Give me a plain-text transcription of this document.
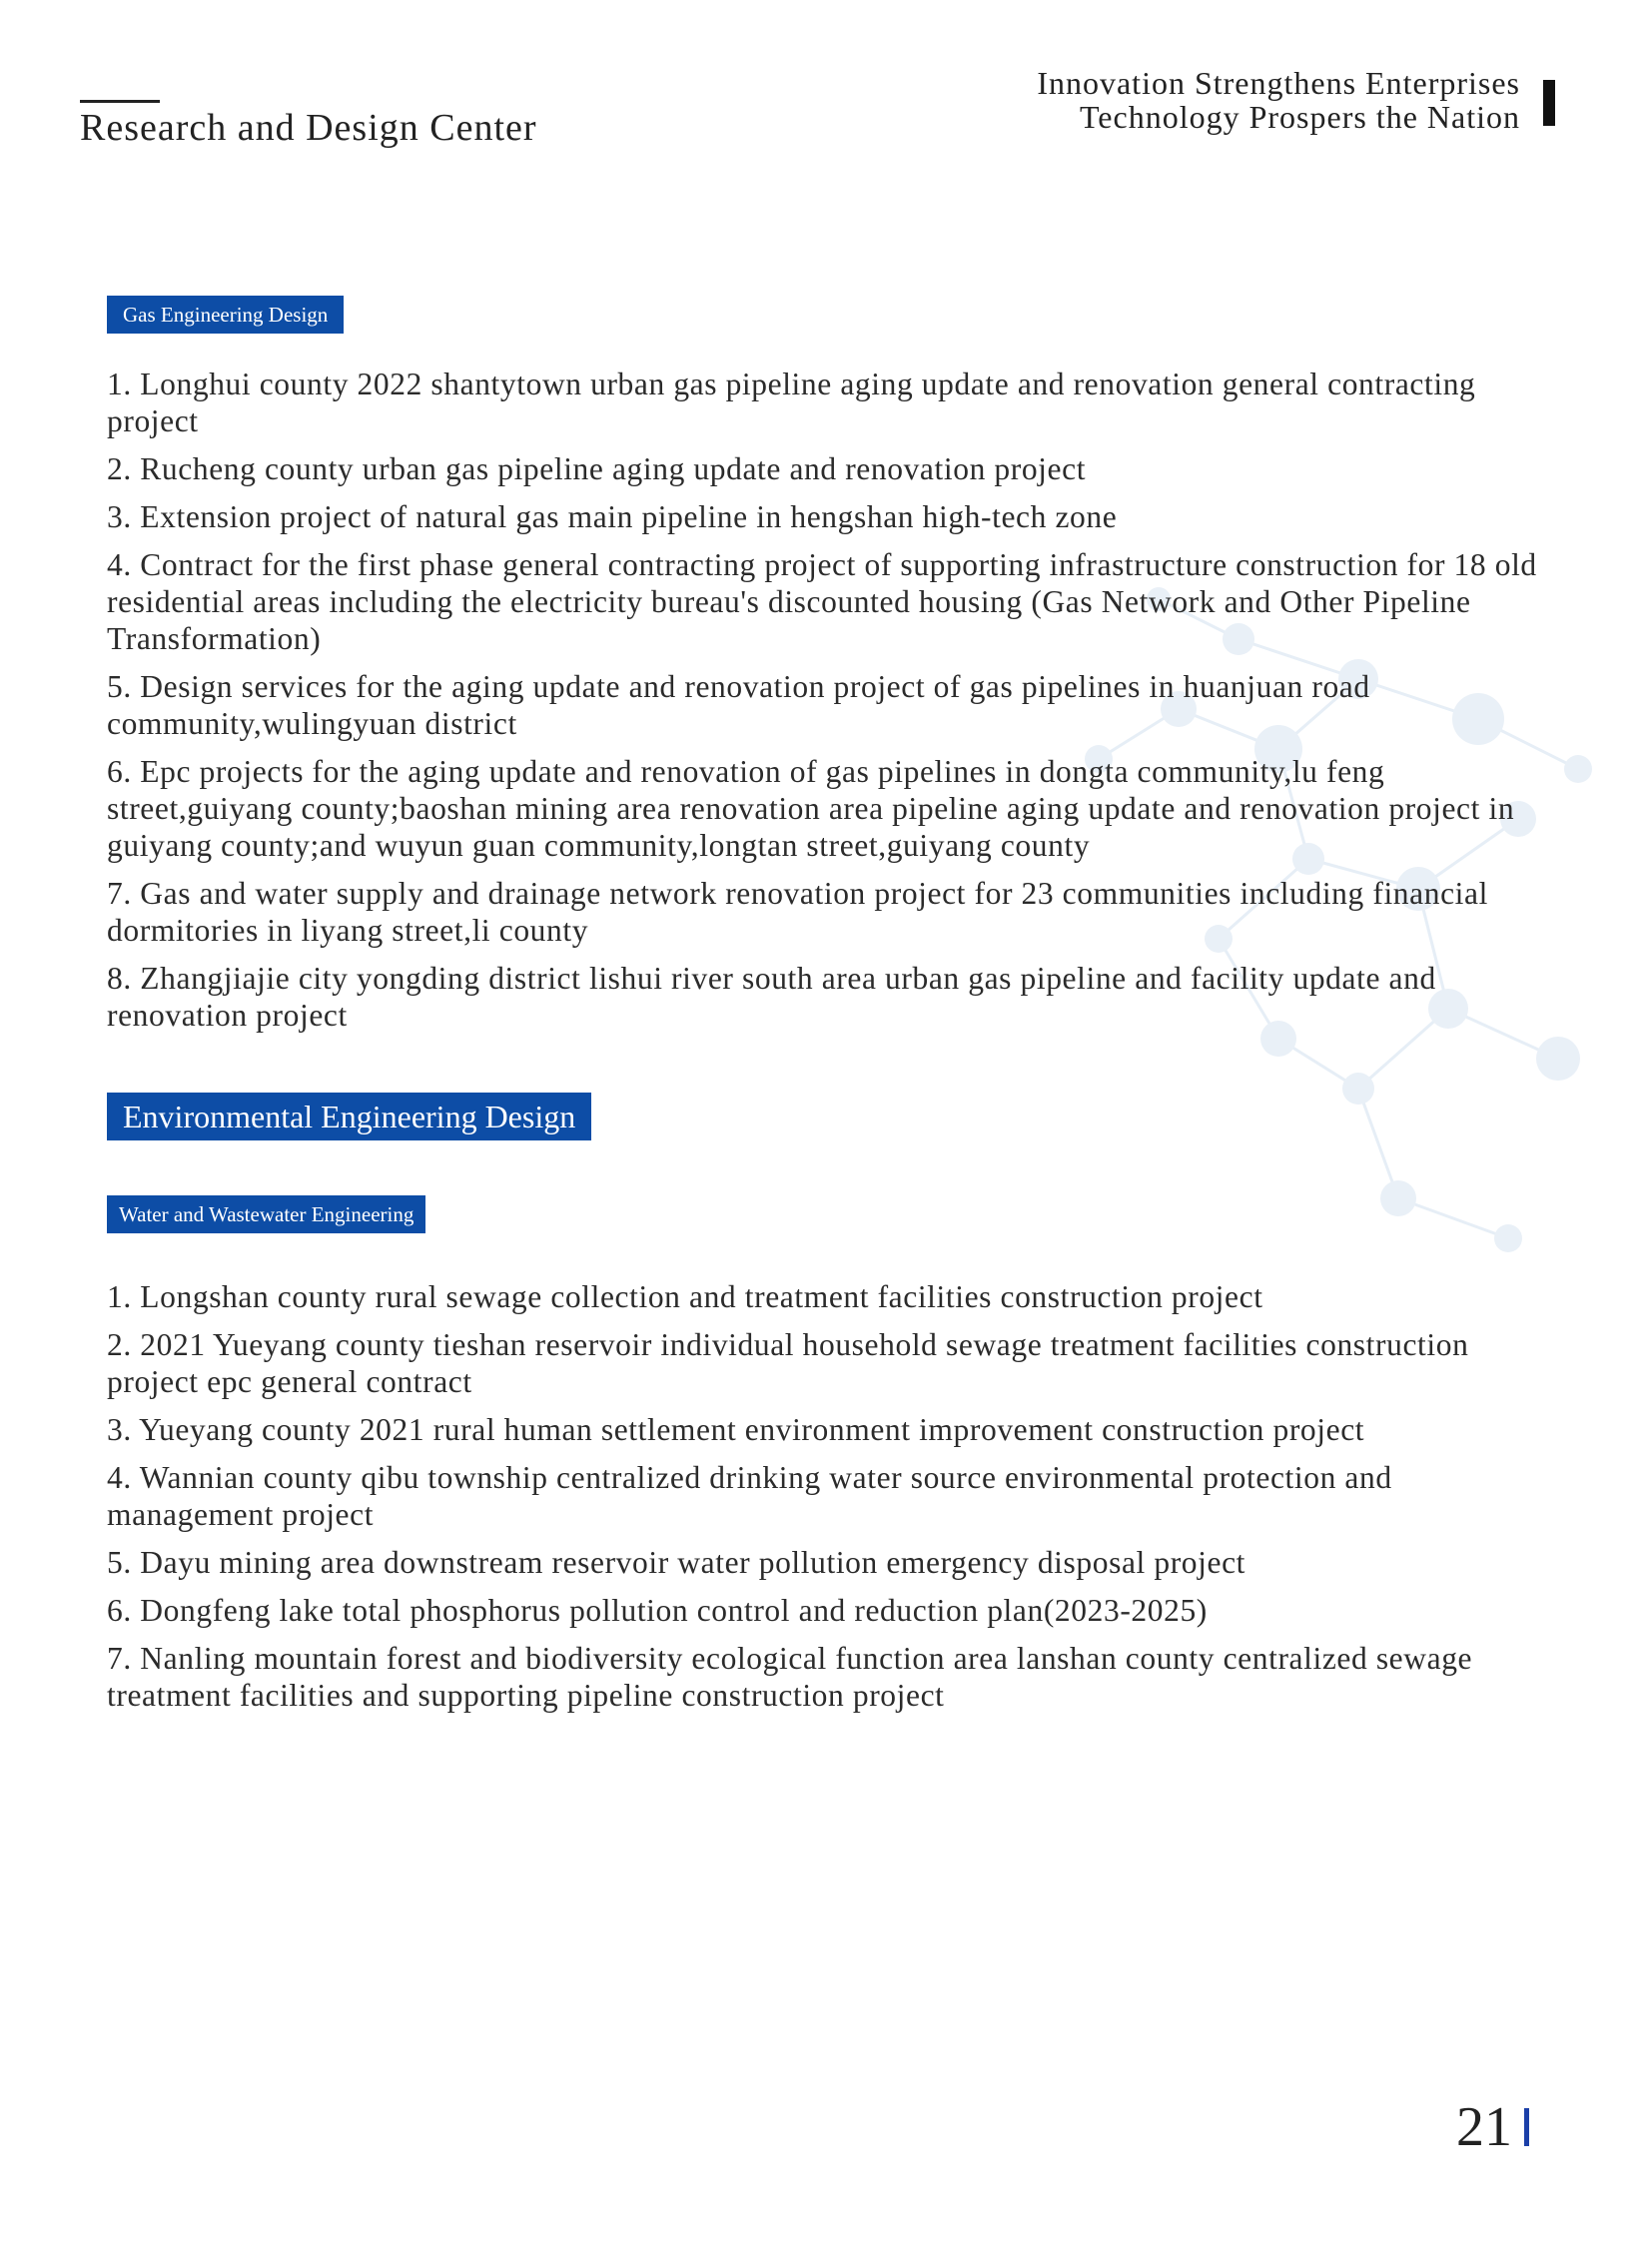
Research and Design Center
Innovation Strengthens Enterprises
Technology Prospers the Nation
Gas Engineering Design
1. Longhui county 2022 shantytown urban gas pipeline aging update and renovation general contracting project
2. Rucheng county urban gas pipeline aging update and renovation project
3. Extension project of natural gas main pipeline in hengshan high-tech zone
4. Contract for the first phase general contracting project of supporting infrastructure construction for 18 old residential areas including the electricity bureau's discounted housing (Gas Network and Other Pipeline Transformation)
5. Design services for the aging update and renovation project of gas pipelines in huanjuan road community,wulingyuan district
6. Epc projects for the aging update and renovation of gas pipelines in dongta community,lu feng street,guiyang county;baoshan mining area renovation area pipeline aging update and renovation project in guiyang county;and wuyun guan community,longtan street,guiyang county
7. Gas and water supply and drainage network renovation project for 23 communities including financial dormitories in liyang street,li county
8. Zhangjiajie city yongding district lishui river south area urban gas pipeline and facility update and renovation project
Environmental Engineering Design
Water and Wastewater Engineering
1. Longshan county rural sewage collection and treatment facilities construction project
2. 2021 Yueyang county tieshan reservoir individual household sewage treatment facilities construction project epc general contract
3. Yueyang county 2021 rural human settlement environment improvement construction project
4. Wannian county qibu township centralized drinking water source environmental protection and management project
5. Dayu mining area downstream reservoir water pollution emergency disposal project
6. Dongfeng lake total phosphorus pollution control and reduction plan(2023-2025)
7. Nanling mountain forest and biodiversity ecological function area lanshan county centralized sewage treatment facilities and supporting pipeline construction project
21
